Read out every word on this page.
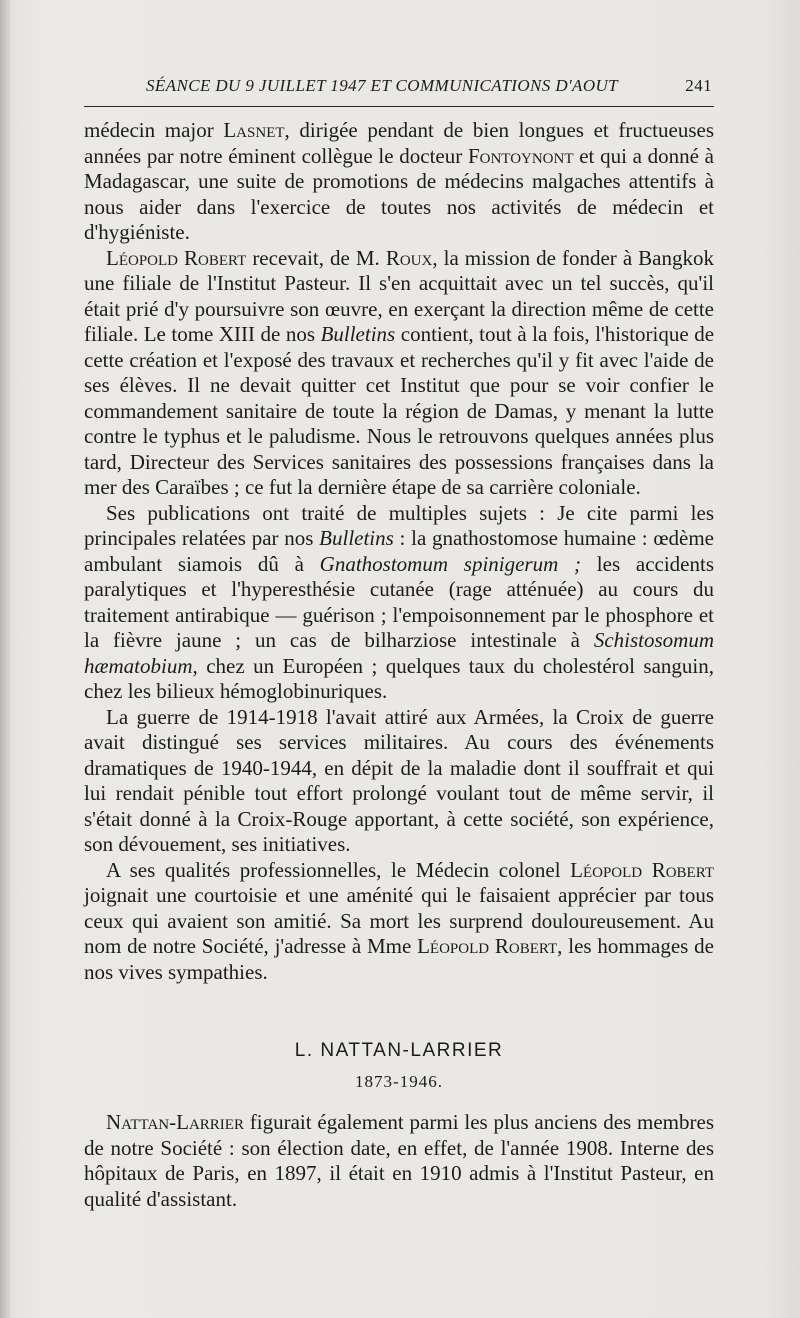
SÉANCE DU 9 JUILLET 1947 ET COMMUNICATIONS D'AOUT	241

médecin major Lasnet, dirigée pendant de bien longues et fructueuses années par notre éminent collègue le docteur Fontoynont et qui a donné à Madagascar, une suite de promotions de médecins malgaches attentifs à nous aider dans l'exercice de toutes nos activités de médecin et d'hygiéniste.

Léopold Robert recevait, de M. Roux, la mission de fonder à Bangkok une filiale de l'Institut Pasteur. Il s'en acquittait avec un tel succès, qu'il était prié d'y poursuivre son œuvre, en exerçant la direction même de cette filiale. Le tome XIII de nos Bulletins contient, tout à la fois, l'historique de cette création et l'exposé des travaux et recherches qu'il y fit avec l'aide de ses élèves. Il ne devait quitter cet Institut que pour se voir confier le commandement sanitaire de toute la région de Damas, y menant la lutte contre le typhus et le paludisme. Nous le retrouvons quelques années plus tard, Directeur des Services sanitaires des possessions françaises dans la mer des Caraïbes ; ce fut la dernière étape de sa carrière coloniale.

Ses publications ont traité de multiples sujets : Je cite parmi les principales relatées par nos Bulletins : la gnathostomose humaine : œdème ambulant siamois dû à Gnathostomum spinigerum ; les accidents paralytiques et l'hyperesthésie cutanée (rage atténuée) au cours du traitement antirabique — guérison ; l'empoisonnement par le phosphore et la fièvre jaune ; un cas de bilharziose intestinale à Schistosomum hæmatobium, chez un Européen ; quelques taux du cholestérol sanguin, chez les bilieux hémoglobinuriques.

La guerre de 1914-1918 l'avait attiré aux Armées, la Croix de guerre avait distingué ses services militaires. Au cours des événements dramatiques de 1940-1944, en dépit de la maladie dont il souffrait et qui lui rendait pénible tout effort prolongé voulant tout de même servir, il s'était donné à la Croix-Rouge apportant, à cette société, son expérience, son dévouement, ses initiatives.

A ses qualités professionnelles, le Médecin colonel Léopold Robert joignait une courtoisie et une aménité qui le faisaient apprécier par tous ceux qui avaient son amitié. Sa mort les surprend douloureusement. Au nom de notre Société, j'adresse à Mme Léopold Robert, les hommages de nos vives sympathies.

L. NATTAN-LARRIER
1873-1946.

Nattan-Larrier figurait également parmi les plus anciens des membres de notre Société : son élection date, en effet, de l'année 1908. Interne des hôpitaux de Paris, en 1897, il était en 1910 admis à l'Institut Pasteur, en qualité d'assistant.
